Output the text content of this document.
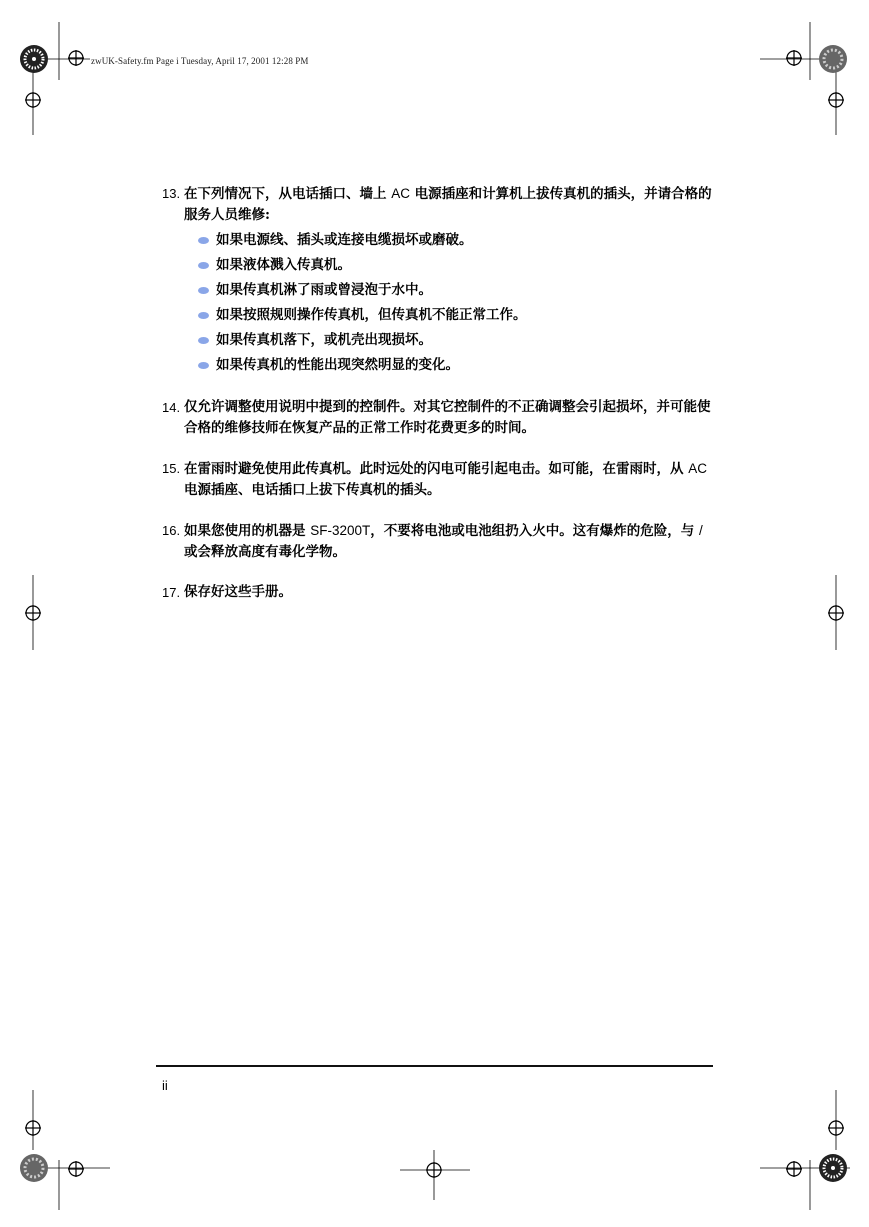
zwUK-Safety.fm Page i Tuesday, April 17, 2001 12:28 PM
13. 在下列情况下，从电话插口、墙上 AC 电源插座和计算机上拔传真机的插头，并请合格的服务人员维修:
如果电源线、插头或连接电缆损坏或磨破。
如果液体溅入传真机。
如果传真机淋了雨或曾浸泡于水中。
如果按照规则操作传真机，但传真机不能正常工作。
如果传真机落下，或机壳出现损坏。
如果传真机的性能出现突然明显的变化。
14. 仅允许调整使用说明中提到的控制件。对其它控制件的不正确调整会引起损坏，并可能使合格的维修技师在恢复产品的正常工作时花费更多的时间。
15. 在雷雨时避免使用此传真机。此时远处的闪电可能引起电击。如可能，在雷雨时，从 AC 电源插座、电话插口上拔下传真机的插头。
16. 如果您使用的机器是 SF-3200T，不要将电池或电池组扔入火中。这有爆炸的危险，与 / 或会释放高度有毒化学物。
17. 保存好这些手册。
ii
